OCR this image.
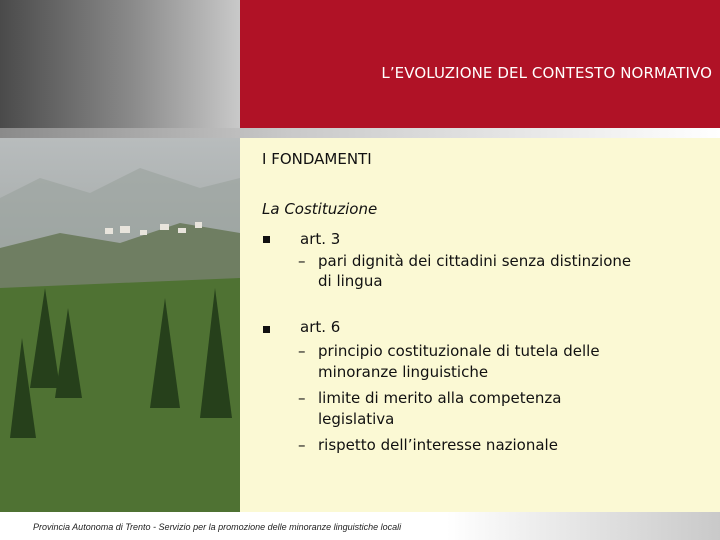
L’EVOLUZIONE DEL CONTESTO NORMATIVO
I FONDAMENTI
La Costituzione
art. 3
– pari dignità dei cittadini senza distinzione
di lingua
art. 6
– principio costituzionale di tutela delle
minoranze linguistiche
– limite di merito alla competenza
legislativa
– rispetto dell’interesse nazionale
Provincia Autonoma di Trento - Servizio per la promozione delle minoranze linguistiche locali
